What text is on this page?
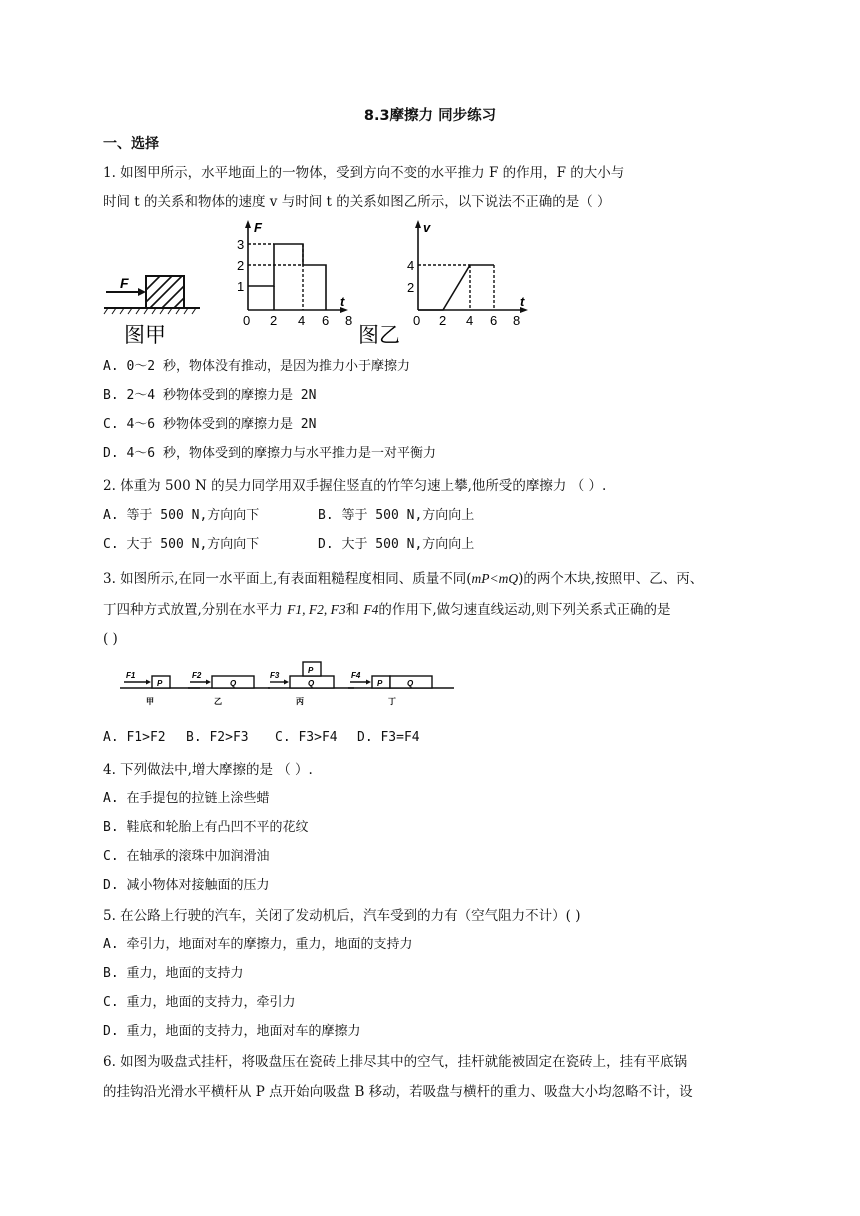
8.3摩擦力 同步练习
一、选择
1. 如图甲所示，水平地面上的一物体，受到方向不变的水平推力 F 的作用，F 的大小与
时间 t 的关系和物体的速度 v 与时间 t 的关系如图乙所示，以下说法不正确的是（ ）
F
图甲
F
t
1
2
3
0 2 4 6 8
图乙
v
t
2
4
0 2 4 6 8
A. 0～2 秒，物体没有推动，是因为推力小于摩擦力
B. 2～4 秒物体受到的摩擦力是 2N
C. 4～6 秒物体受到的摩擦力是 2N
D. 4～6 秒，物体受到的摩擦力与水平推力是一对平衡力
2. 体重为 500 N 的吴力同学用双手握住竖直的竹竿匀速上攀,他所受的摩擦力 （ ）.
A. 等于 500 N,方向向下	B. 等于 500 N,方向向上
C. 大于 500 N,方向向下	D. 大于 500 N,方向向上
3. 如图所示,在同一水平面上,有表面粗糙程度相同、质量不同(mP<mQ)的两个木块,按照甲、乙、丙、
丁四种方式放置,分别在水平力 F1, F2, F3和 F4的作用下,做匀速直线运动,则下列关系式正确的是
( )
F1
P
F2
Q
F3
P
Q
F4
P	Q
甲	乙	丙	丁
A. F1>F2 B. F2>F3 C. F3>F4 D. F3=F4
4. 下列做法中,增大摩擦的是 （ ）.
A. 在手提包的拉链上涂些蜡
B. 鞋底和轮胎上有凸凹不平的花纹
C. 在轴承的滚珠中加润滑油
D. 减小物体对接触面的压力
5. 在公路上行驶的汽车，关闭了发动机后，汽车受到的力有（空气阻力不计）( )
A. 牵引力，地面对车的摩擦力，重力，地面的支持力
B. 重力，地面的支持力
C. 重力，地面的支持力，牵引力
D. 重力，地面的支持力，地面对车的摩擦力
6. 如图为吸盘式挂杆，将吸盘压在瓷砖上排尽其中的空气，挂杆就能被固定在瓷砖上，挂有平底锅
的挂钩沿光滑水平横杆从 P 点开始向吸盘 B 移动，若吸盘与横杆的重力、吸盘大小均忽略不计，设
